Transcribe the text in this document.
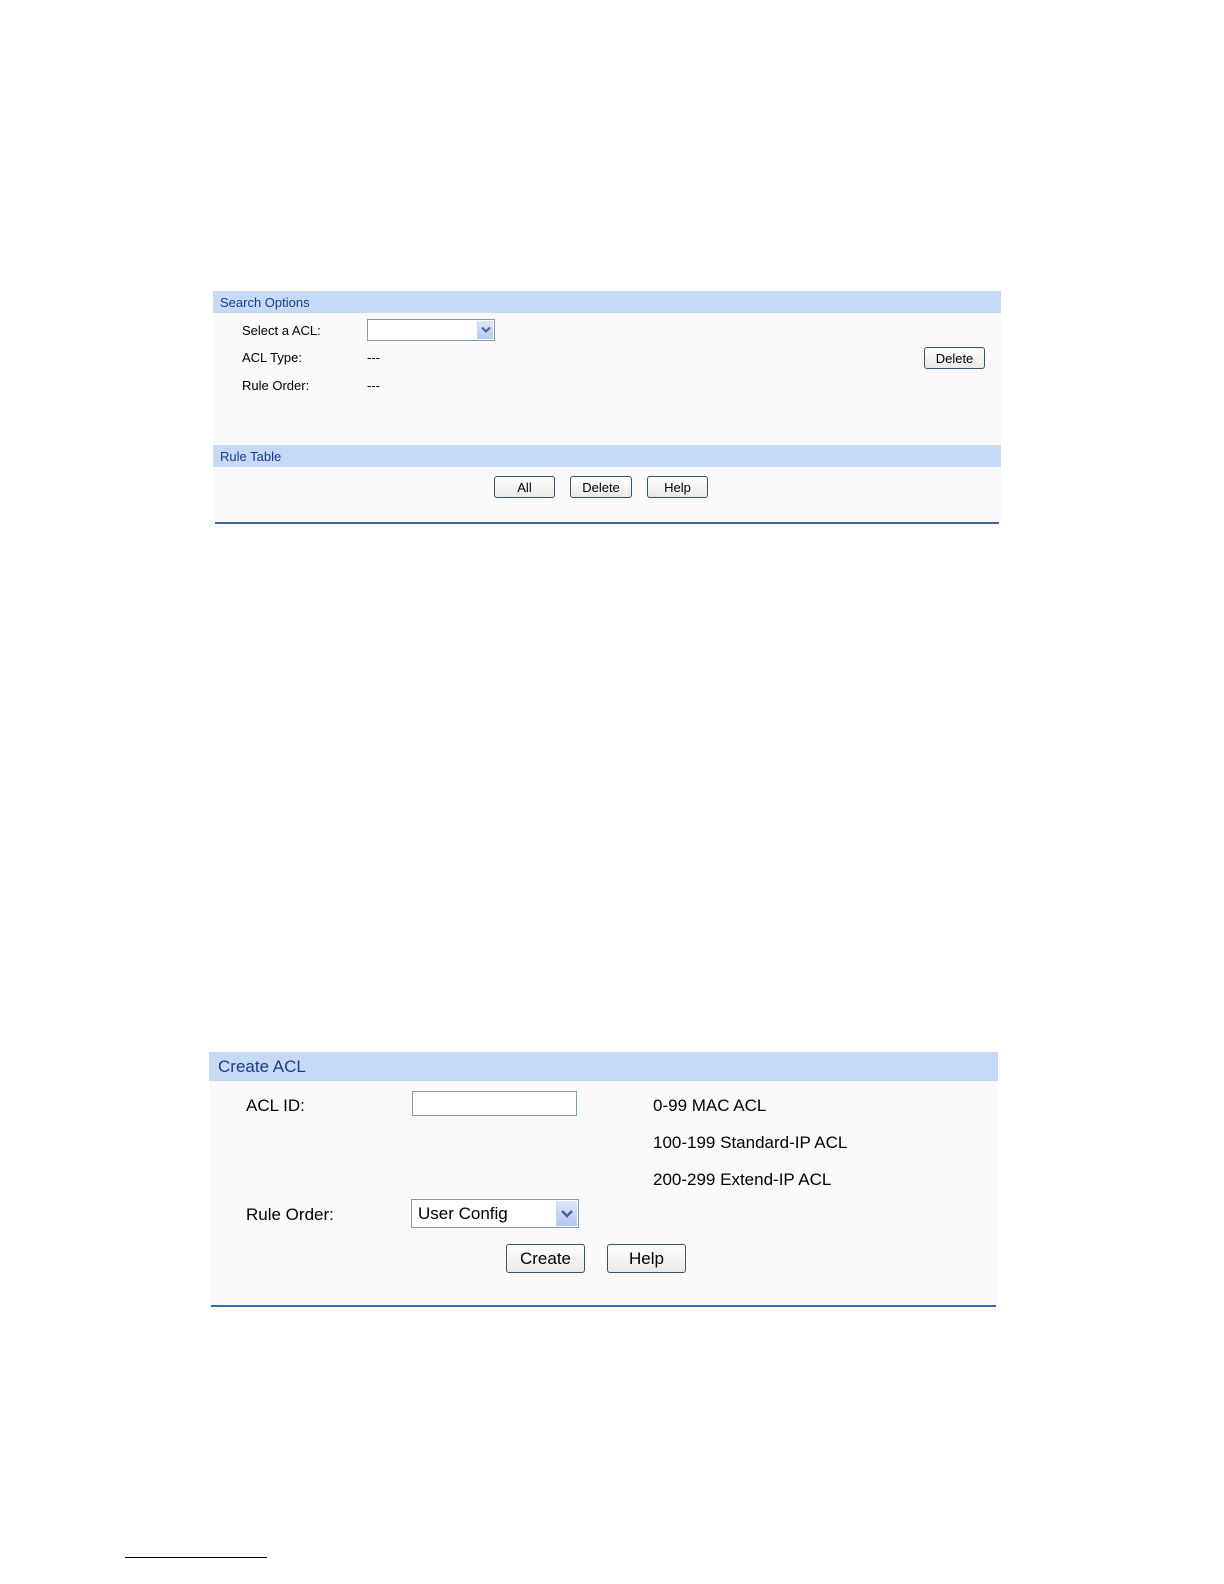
Search Options
Select a ACL:
ACL Type:	---	Delete
Rule Order:	---
Rule Table
All	Delete	Help
Create ACL
ACL ID:	0-99 MAC ACL
100-199 Standard-IP ACL
200-299 Extend-IP ACL
Rule Order:	User Config
Create	Help
